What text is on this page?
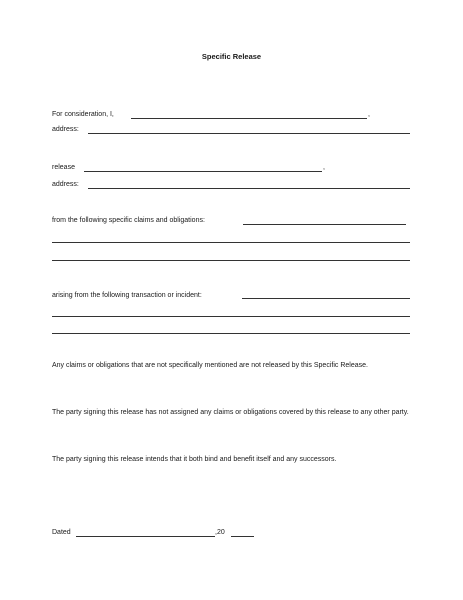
Specific Release
For consideration, I,	,
address:
release	,
address:
from the following specific claims and obligations:
arising from the following transaction or incident:
Any claims or obligations that are not specifically mentioned are not released by this Specific Release.
The party signing this release has not assigned any claims or obligations covered by this release to any other party.
The party signing this release intends that it both bind and benefit itself and any successors.
Dated	,20
